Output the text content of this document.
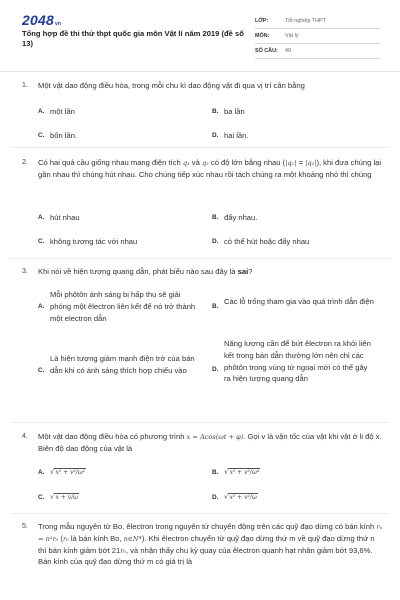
2048vn
Tổng hợp đề thi thử thpt quốc gia môn Vật lí năm 2019 (đề số 13)
LỚP:	Tốt nghiệp THPT
MÔN:	Vật lý
SỐ CÂU:	40
1. Một vật dao động điều hòa, trong mỗi chu kì dao động vật đi qua vị trí cân bằng
A. một lần	B. ba lần
C. bốn lần.	D. hai lần.
2. Có hai quả cầu giống nhau mang điện tích q₁ và q₂ có độ lớn bằng nhau (|q₁| = |q₂|), khi đưa chúng lại gần nhau thì chúng hút nhau. Cho chúng tiếp xúc nhau rồi tách chúng ra một khoảng nhỏ thì chúng
A. hút nhau	B. đẩy nhau.
C. không tương tác với nhau	D. có thể hút hoặc đẩy nhau
3. Khi nói về hiện tượng quang dẫn, phát biểu nào sau đây là sai?
A.
Mỗi phôtôn ánh sáng bị hấp thụ sẽ giải phóng một êlectron liên kết để nó trở thành một electron dẫn
B.
Các lỗ trống tham gia vào quá trình dẫn điện
C.
Là hiện tượng giảm mạnh điện trở của bán dẫn khi có ánh sáng thích hợp chiếu vào	D.
Năng lượng cần để bứt êlectron ra khỏi liên kết trong bán dẫn thường lớn nên chỉ các phôtôn trong vùng tử ngoại mới có thể gây ra hiện tượng quang dẫn
4. Một vật dao động điều hòa có phương trình x = Acos(ωt + φ). Gọi v là vận tốc của vật khi vật ở li độ x. Biên độ dao động của vật là
A. √x² + v²/ω²	B. √x² + v²/ω⁴
C. √x + v/ω	D. √x² + v²/ω
5. Trong mẫu nguyên tử Bo, êlectron trong nguyên tử chuyển động trên các quỹ đạo dừng có bán kính rₙ = n²r₀ (r₀ là bán kính Bo, n∈N*). Khi êlectron chuyển từ quỹ đạo dừng thứ m về quỹ đạo dừng thứ n thì bán kính giảm bớt 21r₀, và nhận thấy chu kỳ quay của êlectron quanh hạt nhân giảm bớt 93,6%. Bán kính của quỹ đạo dừng thứ m có giá trị là
